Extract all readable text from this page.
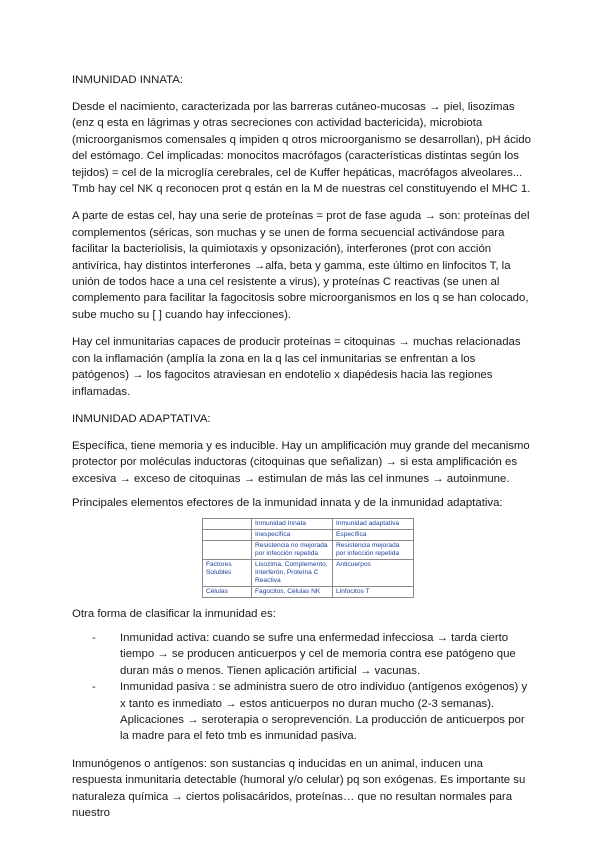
INMUNIDAD INNATA:

Desde el nacimiento, caracterizada por las barreras cutáneo-mucosas → piel, lisozimas (enz q esta en lágrimas y otras secreciones con actividad bactericida), microbiota (microorganismos comensales q impiden q otros microorganismo se desarrollan), pH ácido del estómago. Cel implicadas: monocitos macrófagos (características distintas según los tejidos) = cel de la microglía cerebrales, cel de Kuffer hepáticas, macrófagos alveolares... Tmb hay cel NK q reconocen prot q están en la M de nuestras cel constituyendo el MHC 1.

A parte de estas cel, hay una serie de proteínas = prot de fase aguda → son: proteínas del complementos (séricas, son muchas y se unen de forma secuencial activándose para facilitar la bacteriolisis, la quimiotaxis y opsonización), interferones (prot con acción antivírica, hay distintos interferones →alfa, beta y gamma, este último en linfocitos T, la unión de todos hace a una cel resistente a virus), y proteínas C reactivas (se unen al complemento para facilitar la fagocitosis sobre microorganismos en los q se han colocado, sube mucho su [ ] cuando hay infecciones).

Hay cel inmunitarias capaces de producir proteínas = citoquinas → muchas relacionadas con la inflamación (amplía la zona en la q las cel inmunitarias se enfrentan a los patógenos) → los fagocitos atraviesan en endotelio x diapédesis hacia las regiones inflamadas.

INMUNIDAD ADAPTATIVA:

Específica, tiene memoria y es inducible. Hay un amplificación muy grande del mecanismo protector por moléculas inductoras (citoquinas que señalizan) → si esta amplificación es excesiva → exceso de citoquinas → estimulan de más las cel inmunes → autoinmune.

Principales elementos efectores de la inmunidad innata y de la inmunidad adaptativa:

	Inmunidad Innata	Inmunidad adaptativa
	Inespecífica	Específica
	Resistencia no mejorada por infección repetida	Resistencia mejorada por infección repetida
Factores Solubles	Lisozima, Complemento, Interferón, Proteína C Reactiva	Anticuerpos
Células	Fagocitos, Células NK	Linfocitos T

Otra forma de clasificar la inmunidad es:

- Inmunidad activa: cuando se sufre una enfermedad infecciosa → tarda cierto tiempo → se producen anticuerpos y cel de memoria contra ese patógeno que duran más o menos. Tienen aplicación artificial → vacunas.
- Inmunidad pasiva : se administra suero de otro individuo (antígenos exógenos) y x tanto es inmediato → estos anticuerpos no duran mucho (2-3 semanas). Aplicaciones → seroterapia o seroprevención. La producción de anticuerpos por la madre para el feto tmb es inmunidad pasiva.

Inmunógenos o antígenos: son sustancias q inducidas en un animal, inducen una respuesta inmunitaria detectable (humoral y/o celular) pq son exógenas. Es importante su naturaleza química → ciertos polisacáridos, proteínas… que no resultan normales para nuestro
